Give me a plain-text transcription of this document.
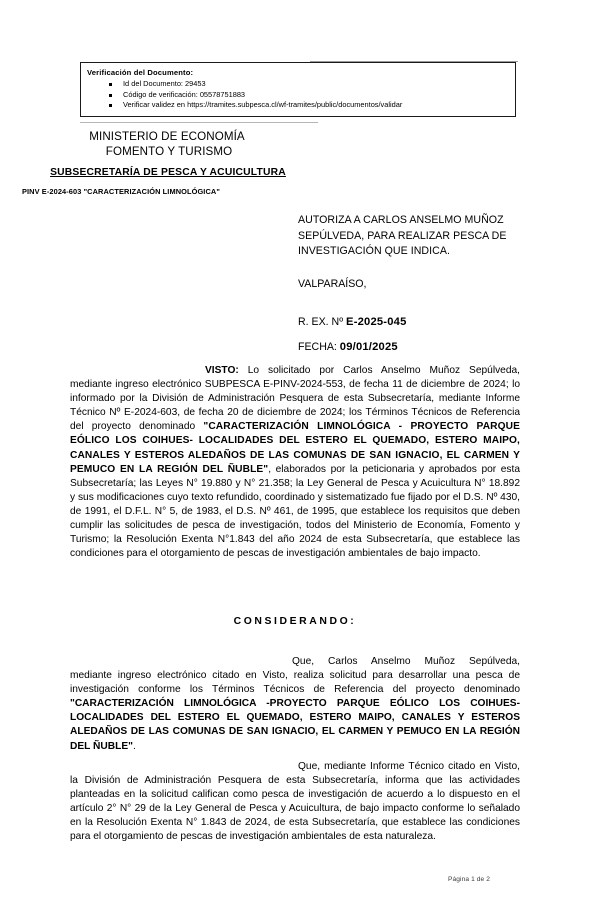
Verificación del Documento:
Id del Documento: 29453
Código de verificación: 05578751883
Verificar validez en https://tramites.subpesca.cl/wf-tramites/public/documentos/validar
MINISTERIO DE ECONOMÍA
FOMENTO Y TURISMO
SUBSECRETARÍA DE PESCA Y ACUICULTURA
PINV E-2024-603 "CARACTERIZACIÓN LIMNOLÓGICA"
AUTORIZA A CARLOS ANSELMO MUÑOZ SEPÚLVEDA, PARA REALIZAR PESCA DE INVESTIGACIÓN QUE INDICA.
VALPARAÍSO,
R. EX. Nº E-2025-045
FECHA: 09/01/2025
VISTO: Lo solicitado por Carlos Anselmo Muñoz Sepúlveda, mediante ingreso electrónico SUBPESCA E-PINV-2024-553, de fecha 11 de diciembre de 2024; lo informado por la División de Administración Pesquera de esta Subsecretaría, mediante Informe Técnico Nº E-2024-603, de fecha 20 de diciembre de 2024; los Términos Técnicos de Referencia del proyecto denominado "CARACTERIZACIÓN LIMNOLÓGICA - PROYECTO PARQUE EÓLICO LOS COIHUES- LOCALIDADES DEL ESTERO EL QUEMADO, ESTERO MAIPO, CANALES Y ESTEROS ALEDAÑOS DE LAS COMUNAS DE SAN IGNACIO, EL CARMEN Y PEMUCO EN LA REGIÓN DEL ÑUBLE", elaborados por la peticionaria y aprobados por esta Subsecretaría; las Leyes N° 19.880 y N° 21.358; la Ley General de Pesca y Acuicultura N° 18.892 y sus modificaciones cuyo texto refundido, coordinado y sistematizado fue fijado por el D.S. Nº 430, de 1991, el D.F.L. N° 5, de 1983, el D.S. Nº 461, de 1995, que establece los requisitos que deben cumplir las solicitudes de pesca de investigación, todos del Ministerio de Economía, Fomento y Turismo; la Resolución Exenta N°1.843 del año 2024 de esta Subsecretaría, que establece las condiciones para el otorgamiento de pescas de investigación ambientales de bajo impacto.
CONSIDERANDO:
Que, Carlos Anselmo Muñoz Sepúlveda, mediante ingreso electrónico citado en Visto, realiza solicitud para desarrollar una pesca de investigación conforme los Términos Técnicos de Referencia del proyecto denominado "CARACTERIZACIÓN LIMNOLÓGICA -PROYECTO PARQUE EÓLICO LOS COIHUES- LOCALIDADES DEL ESTERO EL QUEMADO, ESTERO MAIPO, CANALES Y ESTEROS ALEDAÑOS DE LAS COMUNAS DE SAN IGNACIO, EL CARMEN Y PEMUCO EN LA REGIÓN DEL ÑUBLE".
Que, mediante Informe Técnico citado en Visto, la División de Administración Pesquera de esta Subsecretaría, informa que las actividades planteadas en la solicitud califican como pesca de investigación de acuerdo a lo dispuesto en el artículo 2° N° 29 de la Ley General de Pesca y Acuicultura, de bajo impacto conforme lo señalado en la Resolución Exenta N° 1.843 de 2024, de esta Subsecretaría, que establece las condiciones para el otorgamiento de pescas de investigación ambientales de esta naturaleza.
Página 1 de 2
